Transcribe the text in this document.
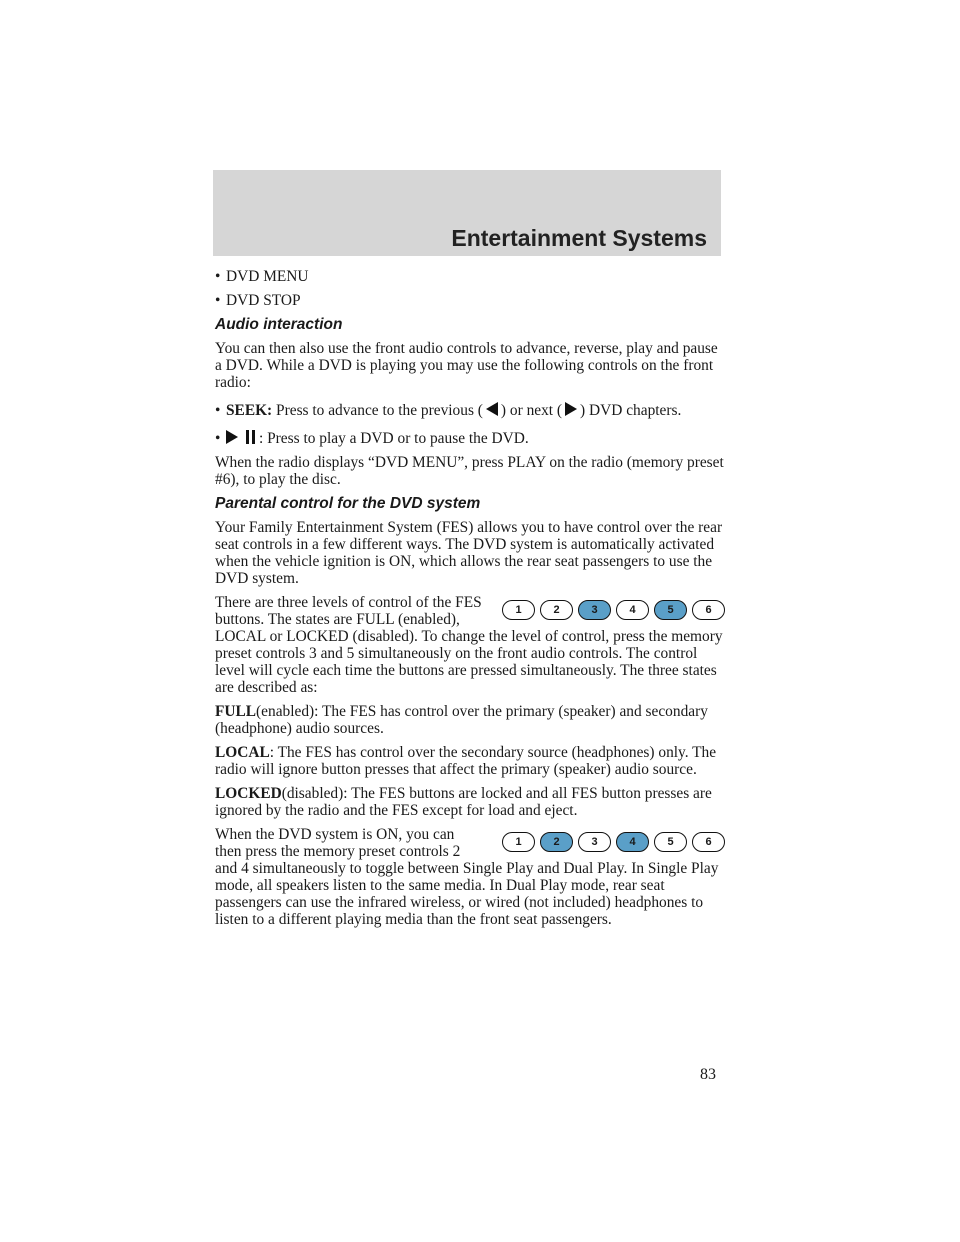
Entertainment Systems
• DVD MENU
• DVD STOP
Audio interaction

You can then also use the front audio controls to advance, reverse, play and pause a DVD. While a DVD is playing you may use the following controls on the front radio:

• SEEK: Press to advance to the previous ( ) or next ( ) DVD chapters.
•	: Press to play a DVD or to pause the DVD.

When the radio displays “DVD MENU”, press PLAY on the radio (memory preset #6), to play the disc.

Parental control for the DVD system

Your Family Entertainment System (FES) allows you to have control over the rear seat controls in a few different ways. The DVD system is automatically activated when the vehicle ignition is ON, which allows the rear seat passengers to use the DVD system.

1	2	3	4	5	6
There are three levels of control of the FES buttons. The states are FULL (enabled), LOCAL or LOCKED (disabled). To change the level of control, press the memory preset controls 3 and 5 simultaneously on the front audio controls. The control level will cycle each time the buttons are pressed simultaneously. The three states are described as:

FULL(enabled): The FES has control over the primary (speaker) and secondary (headphone) audio sources.

LOCAL: The FES has control over the secondary source (headphones) only. The radio will ignore button presses that affect the primary (speaker) audio source.

LOCKED(disabled): The FES buttons are locked and all FES button presses are ignored by the radio and the FES except for load and eject.

1	2	3	4	5	6
When the DVD system is ON, you can then press the memory preset controls 2 and 4 simultaneously to toggle between Single Play and Dual Play. In Single Play mode, all speakers listen to the same media. In Dual Play mode, rear seat passengers can use the infrared wireless, or wired (not included) headphones to listen to a different playing media than the front seat passengers.
83
